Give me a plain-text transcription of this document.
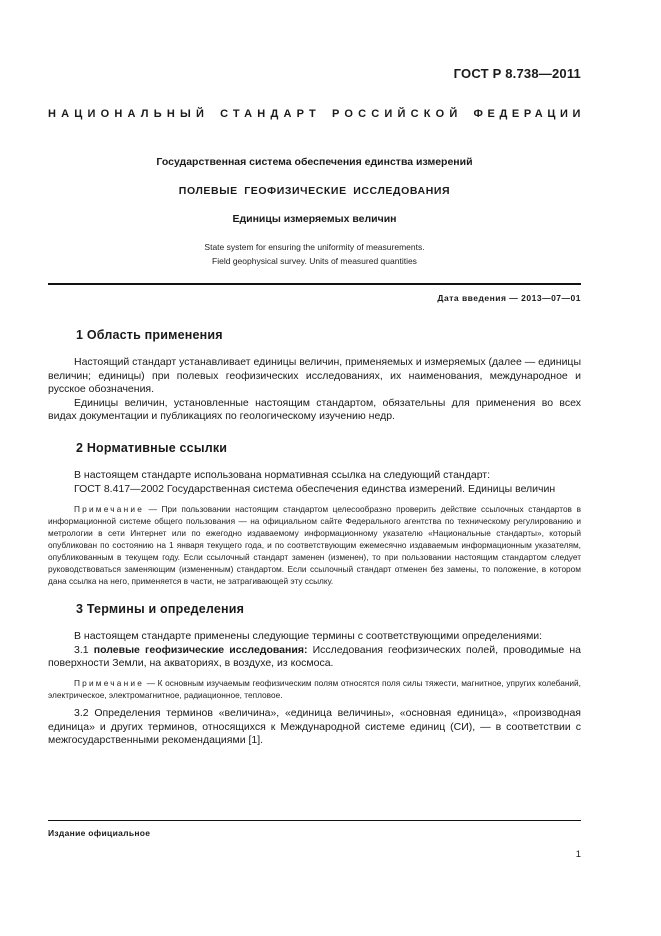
ГОСТ Р 8.738—2011
НАЦИОНАЛЬНЫЙ СТАНДАРТ РОССИЙСКОЙ ФЕДЕРАЦИИ

Государственная система обеспечения единства измерений

ПОЛЕВЫЕ ГЕОФИЗИЧЕСКИЕ ИССЛЕДОВАНИЯ

Единицы измеряемых величин

State system for ensuring the uniformity of measurements.
Field geophysical survey. Units of measured quantities

Дата введения — 2013—07—01
1 Область применения

Настоящий стандарт устанавливает единицы величин, применяемых и измеряемых (далее — единицы величин; единицы) при полевых геофизических исследованиях, их наименования, международное и русское обозначения.

Единицы величин, установленные настоящим стандартом, обязательны для применения во всех видах документации и публикациях по геологическому изучению недр.

2 Нормативные ссылки

В настоящем стандарте использована нормативная ссылка на следующий стандарт:

ГОСТ 8.417—2002 Государственная система обеспечения единства измерений. Единицы величин

Примечание — При пользовании настоящим стандартом целесообразно проверить действие ссылочных стандартов в информационной системе общего пользования — на официальном сайте Федерального агентства по техническому регулированию и метрологии в сети Интернет или по ежегодно издаваемому информационному указателю «Национальные стандарты», который опубликован по состоянию на 1 января текущего года, и по соответствующим ежемесячно издаваемым информационным указателям, опубликованным в текущем году. Если ссылочный стандарт заменен (изменен), то при пользовании настоящим стандартом следует руководствоваться заменяющим (измененным) стандартом. Если ссылочный стандарт отменен без замены, то положение, в котором дана ссылка на него, применяется в части, не затрагивающей эту ссылку.

3 Термины и определения

В настоящем стандарте применены следующие термины с соответствующими определениями:

3.1 полевые геофизические исследования: Исследования геофизических полей, проводимые на поверхности Земли, на акваториях, в воздухе, из космоса.

Примечание — К основным изучаемым геофизическим полям относятся поля силы тяжести, магнитное, упругих колебаний, электрическое, электромагнитное, радиационное, тепловое.

3.2 Определения терминов «величина», «единица величины», «основная единица», «производная единица» и других терминов, относящихся к Международной системе единиц (СИ), — в соответствии с межгосударственными рекомендациями [1].

Издание официальное
1
